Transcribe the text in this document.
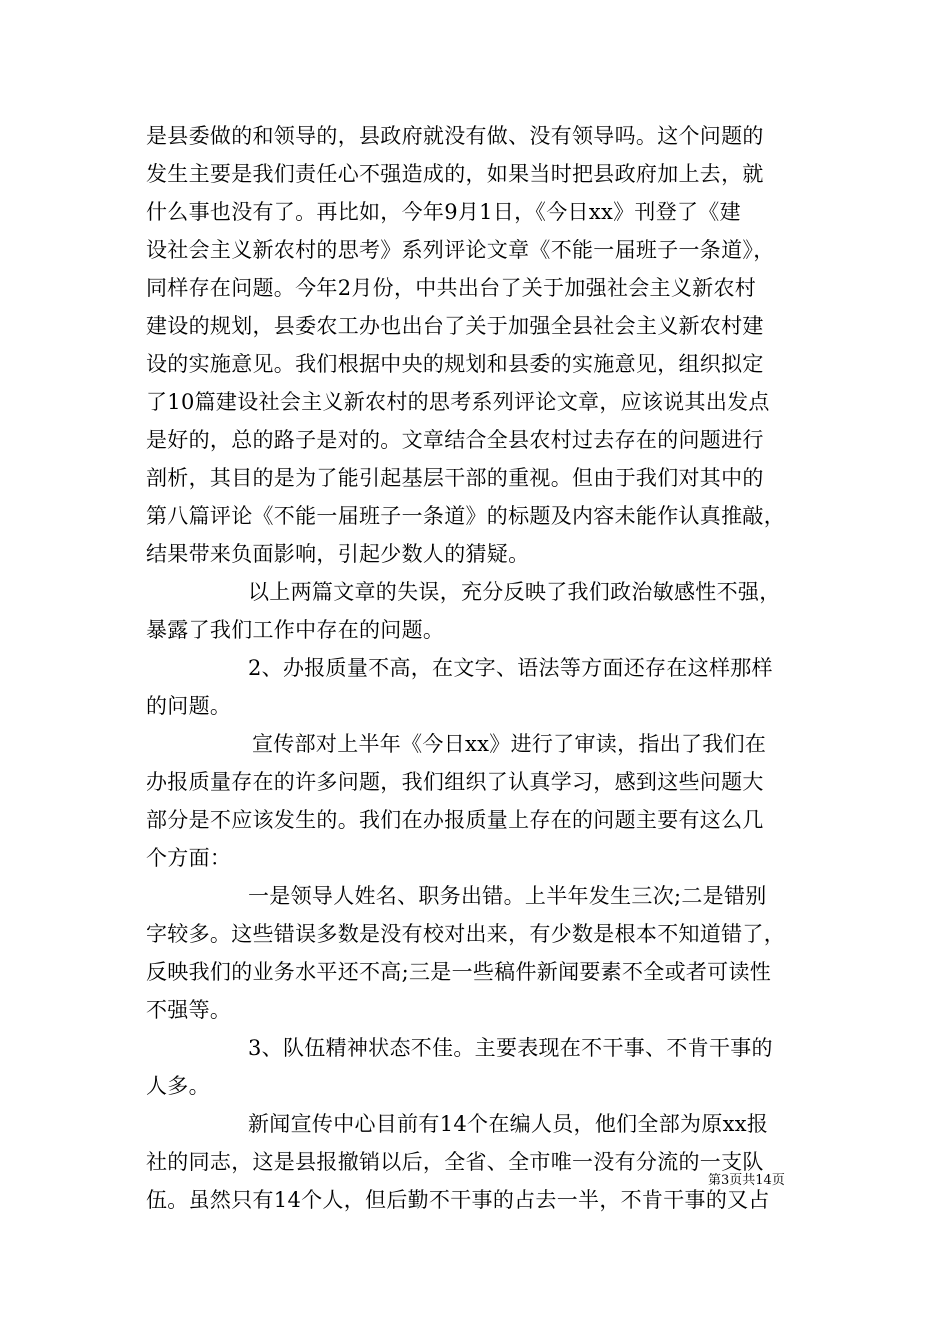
是县委做的和领导的，县政府就没有做、没有领导吗。这个问题的
发生主要是我们责任心不强造成的，如果当时把县政府加上去，就
什么事也没有了。再比如，今年9月1日，《今日xx》刊登了《建
设社会主义新农村的思考》系列评论文章《不能一届班子一条道》，
同样存在问题。今年2月份，中共出台了关于加强社会主义新农村
建设的规划，县委农工办也出台了关于加强全县社会主义新农村建
设的实施意见。我们根据中央的规划和县委的实施意见，组织拟定
了10篇建设社会主义新农村的思考系列评论文章，应该说其出发点
是好的，总的路子是对的。文章结合全县农村过去存在的问题进行
剖析，其目的是为了能引起基层干部的重视。但由于我们对其中的
第八篇评论《不能一届班子一条道》的标题及内容未能作认真推敲，
结果带来负面影响，引起少数人的猜疑。
以上两篇文章的失误，充分反映了我们政治敏感性不强，
暴露了我们工作中存在的问题。
2、办报质量不高，在文字、语法等方面还存在这样那样
的问题。
宣传部对上半年《今日xx》进行了审读，指出了我们在
办报质量存在的许多问题，我们组织了认真学习，感到这些问题大
部分是不应该发生的。我们在办报质量上存在的问题主要有这么几
个方面：
一是领导人姓名、职务出错。上半年发生三次;二是错别
字较多。这些错误多数是没有校对出来，有少数是根本不知道错了，
反映我们的业务水平还不高;三是一些稿件新闻要素不全或者可读性
不强等。
3、队伍精神状态不佳。主要表现在不干事、不肯干事的
人多。
新闻宣传中心目前有14个在编人员，他们全部为原xx报
社的同志，这是县报撤销以后，全省、全市唯一没有分流的一支队
伍。虽然只有14个人，但后勤不干事的占去一半，不肯干事的又占
第3页共14页
